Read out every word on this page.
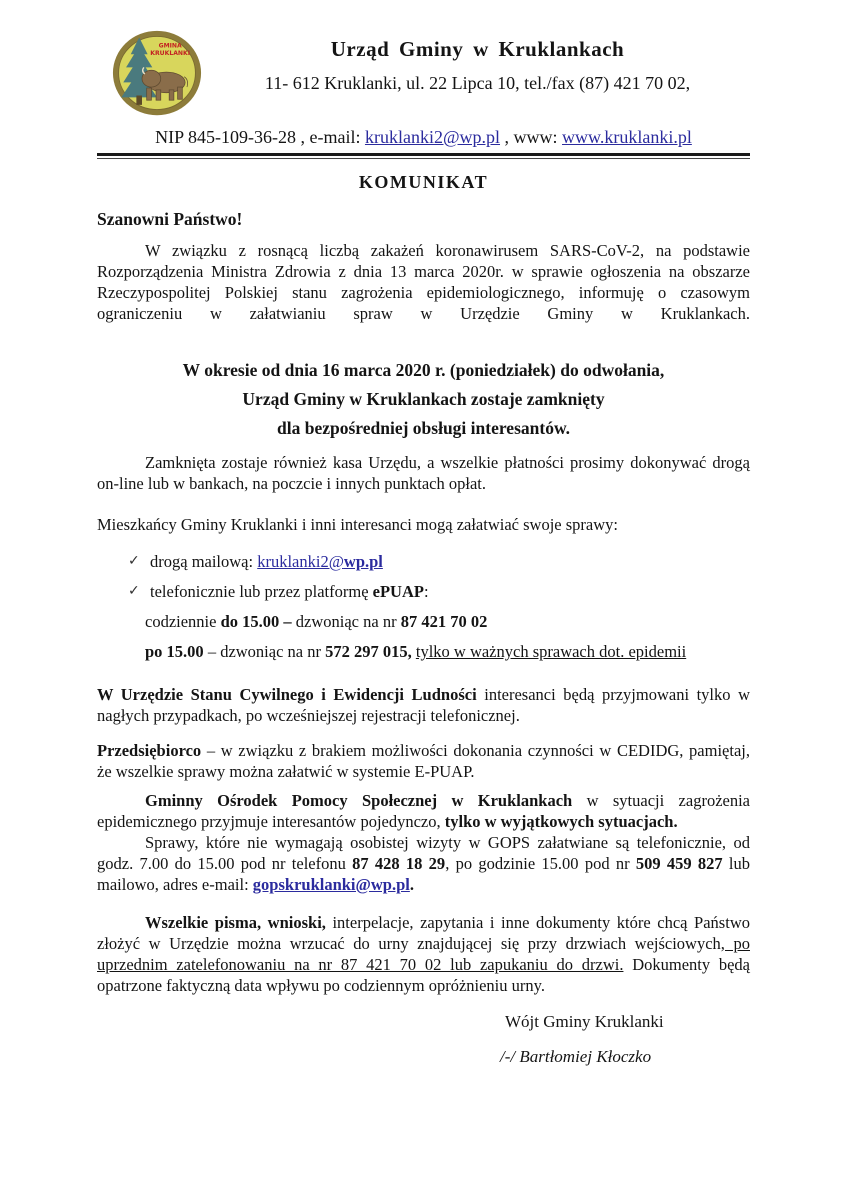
GMINA
KRUKLANKI	Urząd Gminy w Kruklankach
11- 612 Kruklanki, ul. 22 Lipca 10, tel./fax (87) 421 70 02,
NIP 845-109-36-28 , e-mail: kruklanki2@wp.pl , www: www.kruklanki.pl
KOMUNIKAT
Szanowni Państwo!

W związku z rosnącą liczbą zakażeń koronawirusem SARS-CoV-2, na podstawie Rozporządzenia Ministra Zdrowia z dnia 13 marca 2020r. w sprawie ogłoszenia na obszarze Rzeczypospolitej Polskiej stanu zagrożenia epidemiologicznego, informuję o czasowym ograniczeniu w załatwianiu spraw w Urzędzie Gminy w Kruklankach.

W okresie od dnia 16 marca 2020 r. (poniedziałek) do odwołania,
Urząd Gminy w Kruklankach zostaje zamknięty
dla bezpośredniej obsługi interesantów.

Zamknięta zostaje również kasa Urzędu, a wszelkie płatności prosimy dokonywać drogą on-line lub w bankach, na poczcie i innych punktach opłat.

Mieszkańcy Gminy Kruklanki i inni interesanci mogą załatwiać swoje sprawy:

✓ drogą mailową: kruklanki2@wp.pl
✓ telefonicznie lub przez platformę ePUAP:
codziennie do 15.00 – dzwoniąc na nr 87 421 70 02
po 15.00 – dzwoniąc na nr 572 297 015, tylko w ważnych sprawach dot. epidemii

W Urzędzie Stanu Cywilnego i Ewidencji Ludności interesanci będą przyjmowani tylko w nagłych przypadkach, po wcześniejszej rejestracji telefonicznej.

Przedsiębiorco – w związku z brakiem możliwości dokonania czynności w CEDIDG, pamiętaj, że wszelkie sprawy można załatwić w systemie E-PUAP.

Gminny Ośrodek Pomocy Społecznej w Kruklankach w sytuacji zagrożenia epidemicznego przyjmuje interesantów pojedynczo, tylko w wyjątkowych sytuacjach.

Sprawy, które nie wymagają osobistej wizyty w GOPS załatwiane są telefonicznie, od godz. 7.00 do 15.00 pod nr telefonu 87 428 18 29, po godzinie 15.00 pod nr 509 459 827 lub mailowo, adres e-mail: gopskruklanki@wp.pl.

Wszelkie pisma, wnioski, interpelacje, zapytania i inne dokumenty które chcą Państwo złożyć w Urzędzie można wrzucać do urny znajdującej się przy drzwiach wejściowych, po uprzednim zatelefonowaniu na nr 87 421 70 02 lub zapukaniu do drzwi. Dokumenty będą opatrzone faktyczną data wpływu po codziennym opróżnieniu urny.

Wójt Gminy Kruklanki
/-/ Bartłomiej Kłoczko
